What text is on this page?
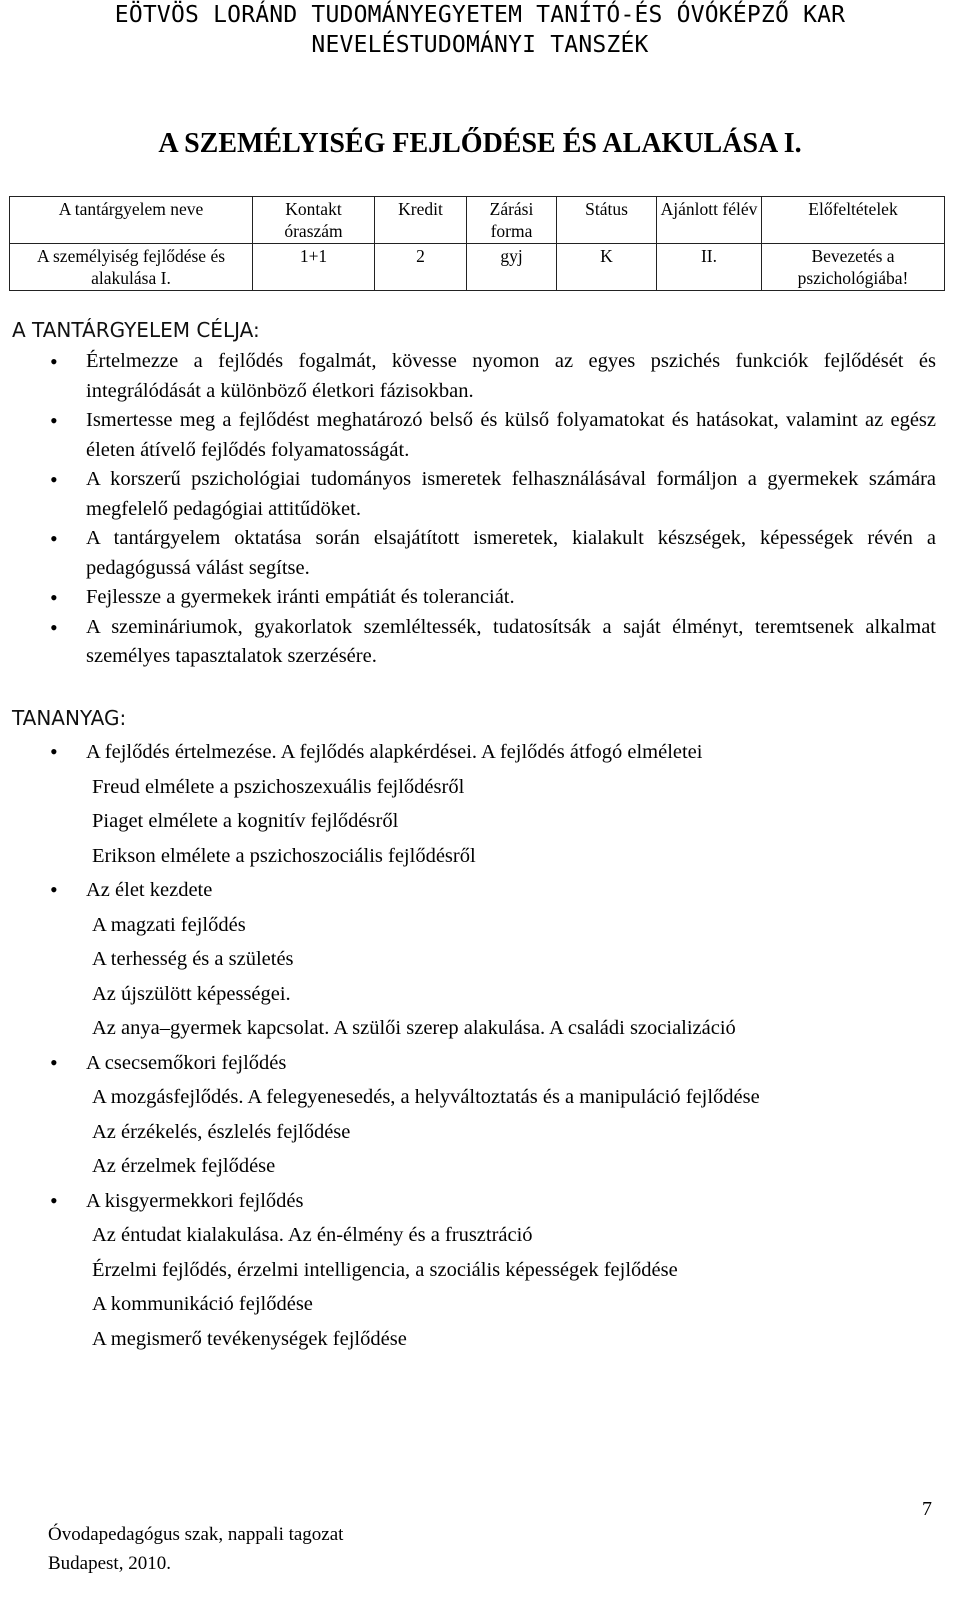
EÖTVÖS LORÁND TUDOMÁNYEGYETEM TANÍTÓ-ÉS ÓVÓKÉPZŐ KAR
NEVELÉSTUDOMÁNYI TANSZÉK
A SZEMÉLYISÉG FEJLŐDÉSE ÉS ALAKULÁSA I.
A tantárgyelem neve	Kontakt óraszám	Kredit	Zárási forma	Státus	Ajánlott félév	Előfeltételek
A személyiség fejlődése és alakulása I.	1+1	2	gyj	K	II.	Bevezetés a pszichológiába!
A TANTÁRGYELEM CÉLJA:
• Értelmezze a fejlődés fogalmát, kövesse nyomon az egyes pszichés funkciók fejlődését és integrálódását a különböző életkori fázisokban.
• Ismertesse meg a fejlődést meghatározó belső és külső folyamatokat és hatásokat, valamint az egész életen átívelő fejlődés folyamatosságát.
• A korszerű pszichológiai tudományos ismeretek felhasználásával formáljon a gyermekek számára megfelelő pedagógiai attitűdöket.
• A tantárgyelem oktatása során elsajátított ismeretek, kialakult készségek, képességek révén a pedagógussá válást segítse.
• Fejlessze a gyermekek iránti empátiát és toleranciát.
• A szemináriumok, gyakorlatok szemléltessék, tudatosítsák a saját élményt, teremtsenek alkalmat személyes tapasztalatok szerzésére.
TANANYAG:
• A fejlődés értelmezése. A fejlődés alapkérdései. A fejlődés átfogó elméletei
Freud elmélete a pszichoszexuális fejlődésről
Piaget elmélete a kognitív fejlődésről
Erikson elmélete a pszichoszociális fejlődésről
• Az élet kezdete
A magzati fejlődés
A terhesség és a születés
Az újszülött képességei.
Az anya–gyermek kapcsolat. A szülői szerep alakulása. A családi szocializáció
• A csecsemőkori fejlődés
A mozgásfejlődés. A felegyenesedés, a helyváltoztatás és a manipuláció fejlődése
Az érzékelés, észlelés fejlődése
Az érzelmek fejlődése
• A kisgyermekkori fejlődés
Az éntudat kialakulása. Az én-élmény és a frusztráció
Érzelmi fejlődés, érzelmi intelligencia, a szociális képességek fejlődése
A kommunikáció fejlődése
A megismerő tevékenységek fejlődése
7
Óvodapedagógus szak, nappali tagozat
Budapest, 2010.
